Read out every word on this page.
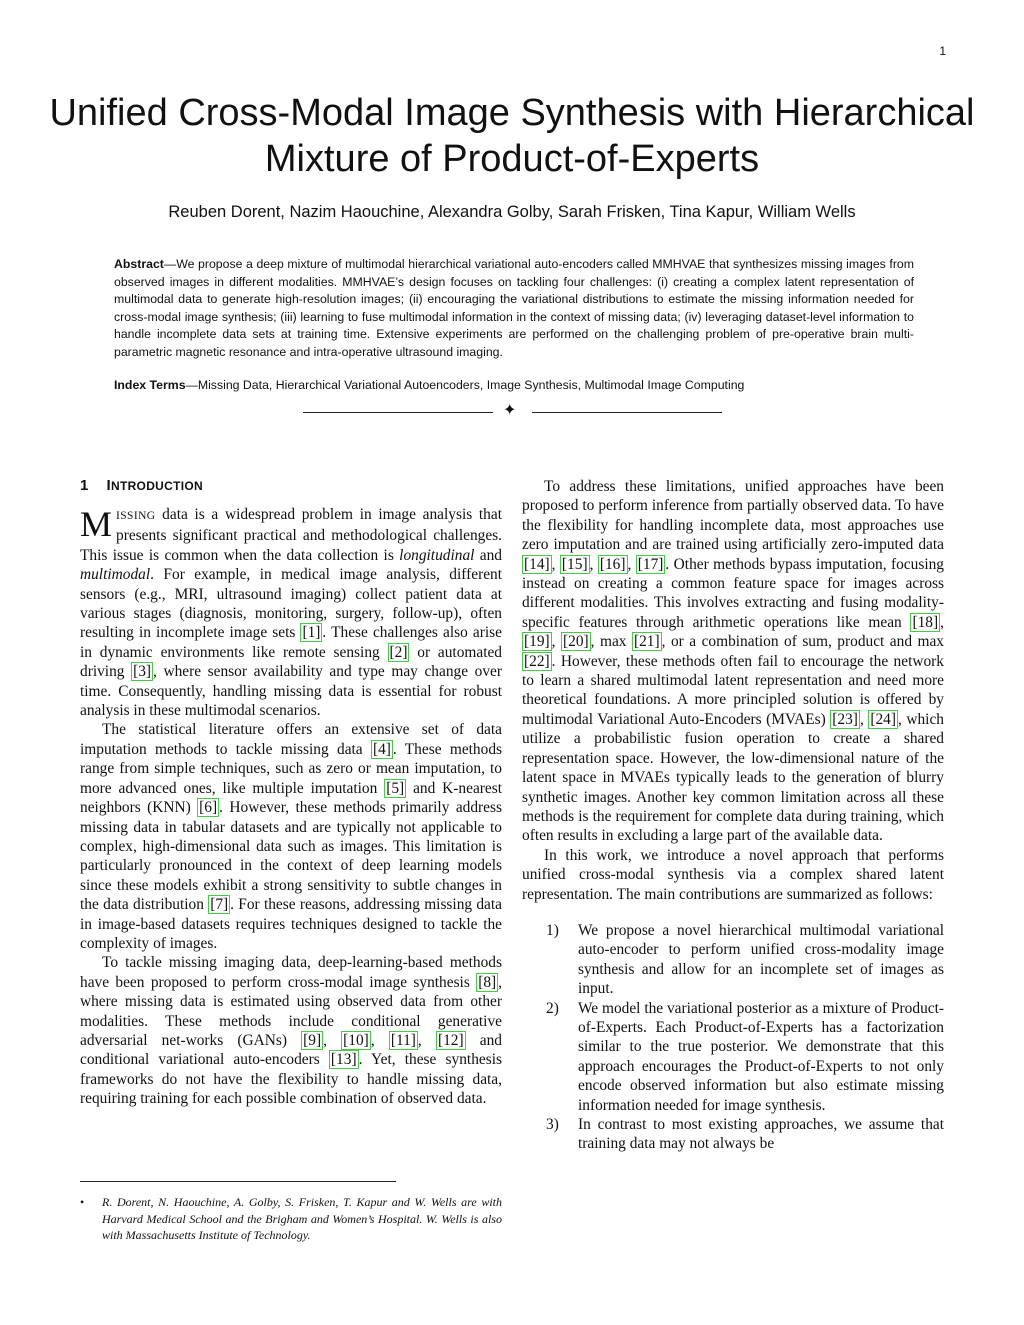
1
Unified Cross-Modal Image Synthesis with Hierarchical Mixture of Product-of-Experts
Reuben Dorent, Nazim Haouchine, Alexandra Golby, Sarah Frisken, Tina Kapur, William Wells
Abstract—We propose a deep mixture of multimodal hierarchical variational auto-encoders called MMHVAE that synthesizes missing images from observed images in different modalities. MMHVAE’s design focuses on tackling four challenges: (i) creating a complex latent representation of multimodal data to generate high-resolution images; (ii) encouraging the variational distributions to estimate the missing information needed for cross-modal image synthesis; (iii) learning to fuse multimodal information in the context of missing data; (iv) leveraging dataset-level information to handle incomplete data sets at training time. Extensive experiments are performed on the challenging problem of pre-operative brain multi-parametric magnetic resonance and intra-operative ultrasound imaging.
Index Terms—Missing Data, Hierarchical Variational Autoencoders, Image Synthesis, Multimodal Image Computing
✦
1 INTRODUCTION

MISSING data is a widespread problem in image analysis that presents significant practical and methodological challenges. This issue is common when the data collection is longitudinal and multimodal. For example, in medical image analysis, different sensors (e.g., MRI, ultrasound imaging) collect patient data at various stages (diagnosis, monitoring, surgery, follow-up), often resulting in incomplete image sets [1] . These challenges also arise in dynamic environments like remote sensing [2] or automated driving [3] , where sensor availability and type may change over time. Consequently, handling missing data is essential for robust analysis in these multimodal scenarios.

The statistical literature offers an extensive set of data imputation methods to tackle missing data [4] . These methods range from simple techniques, such as zero or mean imputation, to more advanced ones, like multiple imputation [5] and K-nearest neighbors (KNN) [6] . However, these methods primarily address missing data in tabular datasets and are typically not applicable to complex, high-dimensional data such as images. This limitation is particularly pronounced in the context of deep learning models since these models exhibit a strong sensitivity to subtle changes in the data distribution [7] . For these reasons, addressing missing data in image-based datasets requires techniques designed to tackle the complexity of images.

To tackle missing imaging data, deep-learning-based methods have been proposed to perform cross-modal image synthesis [8] , where missing data is estimated using observed data from other modalities. These methods include conditional generative adversarial net-works (GANs) [9] , [10] , [11] , [12] and conditional variational auto-encoders [13] . Yet, these synthesis frameworks do not have the flexibility to handle missing data, requiring training for each possible combination of observed data.

To address these limitations, unified approaches have been proposed to perform inference from partially observed data. To have the flexibility for handling incomplete data, most approaches use zero imputation and are trained using artificially zero-imputed data [14] , [15] , [16] , [17] . Other methods bypass imputation, focusing instead on creating a common feature space for images across different modalities. This involves extracting and fusing modality-specific features through arithmetic operations like mean [18] , [19] , [20] , max [21] , or a combination of sum, product and max [22] . However, these methods often fail to encourage the network to learn a shared multimodal latent representation and need more theoretical foundations. A more principled solution is offered by multimodal Variational Auto-Encoders (MVAEs) [23] , [24] , which utilize a probabilistic fusion operation to create a shared representation space. However, the low-dimensional nature of the latent space in MVAEs typically leads to the generation of blurry synthetic images. Another key common limitation across all these methods is the requirement for complete data during training, which often results in excluding a large part of the available data.

In this work, we introduce a novel approach that performs unified cross-modal synthesis via a complex shared latent representation. The main contributions are summarized as follows:

1) We propose a novel hierarchical multimodal variational auto-encoder to perform unified cross-modality image synthesis and allow for an incomplete set of images as input.
2) We model the variational posterior as a mixture of Product-of-Experts. Each Product-of-Experts has a factorization similar to the true posterior. We demonstrate that this approach encourages the Product-of-Experts to not only encode observed information but also estimate missing information needed for image synthesis.
3) In contrast to most existing approaches, we assume that training data may not always be
• R. Dorent, N. Haouchine, A. Golby, S. Frisken, T. Kapur and W. Wells are with Harvard Medical School and the Brigham and Women’s Hospital. W. Wells is also with Massachusetts Institute of Technology.
